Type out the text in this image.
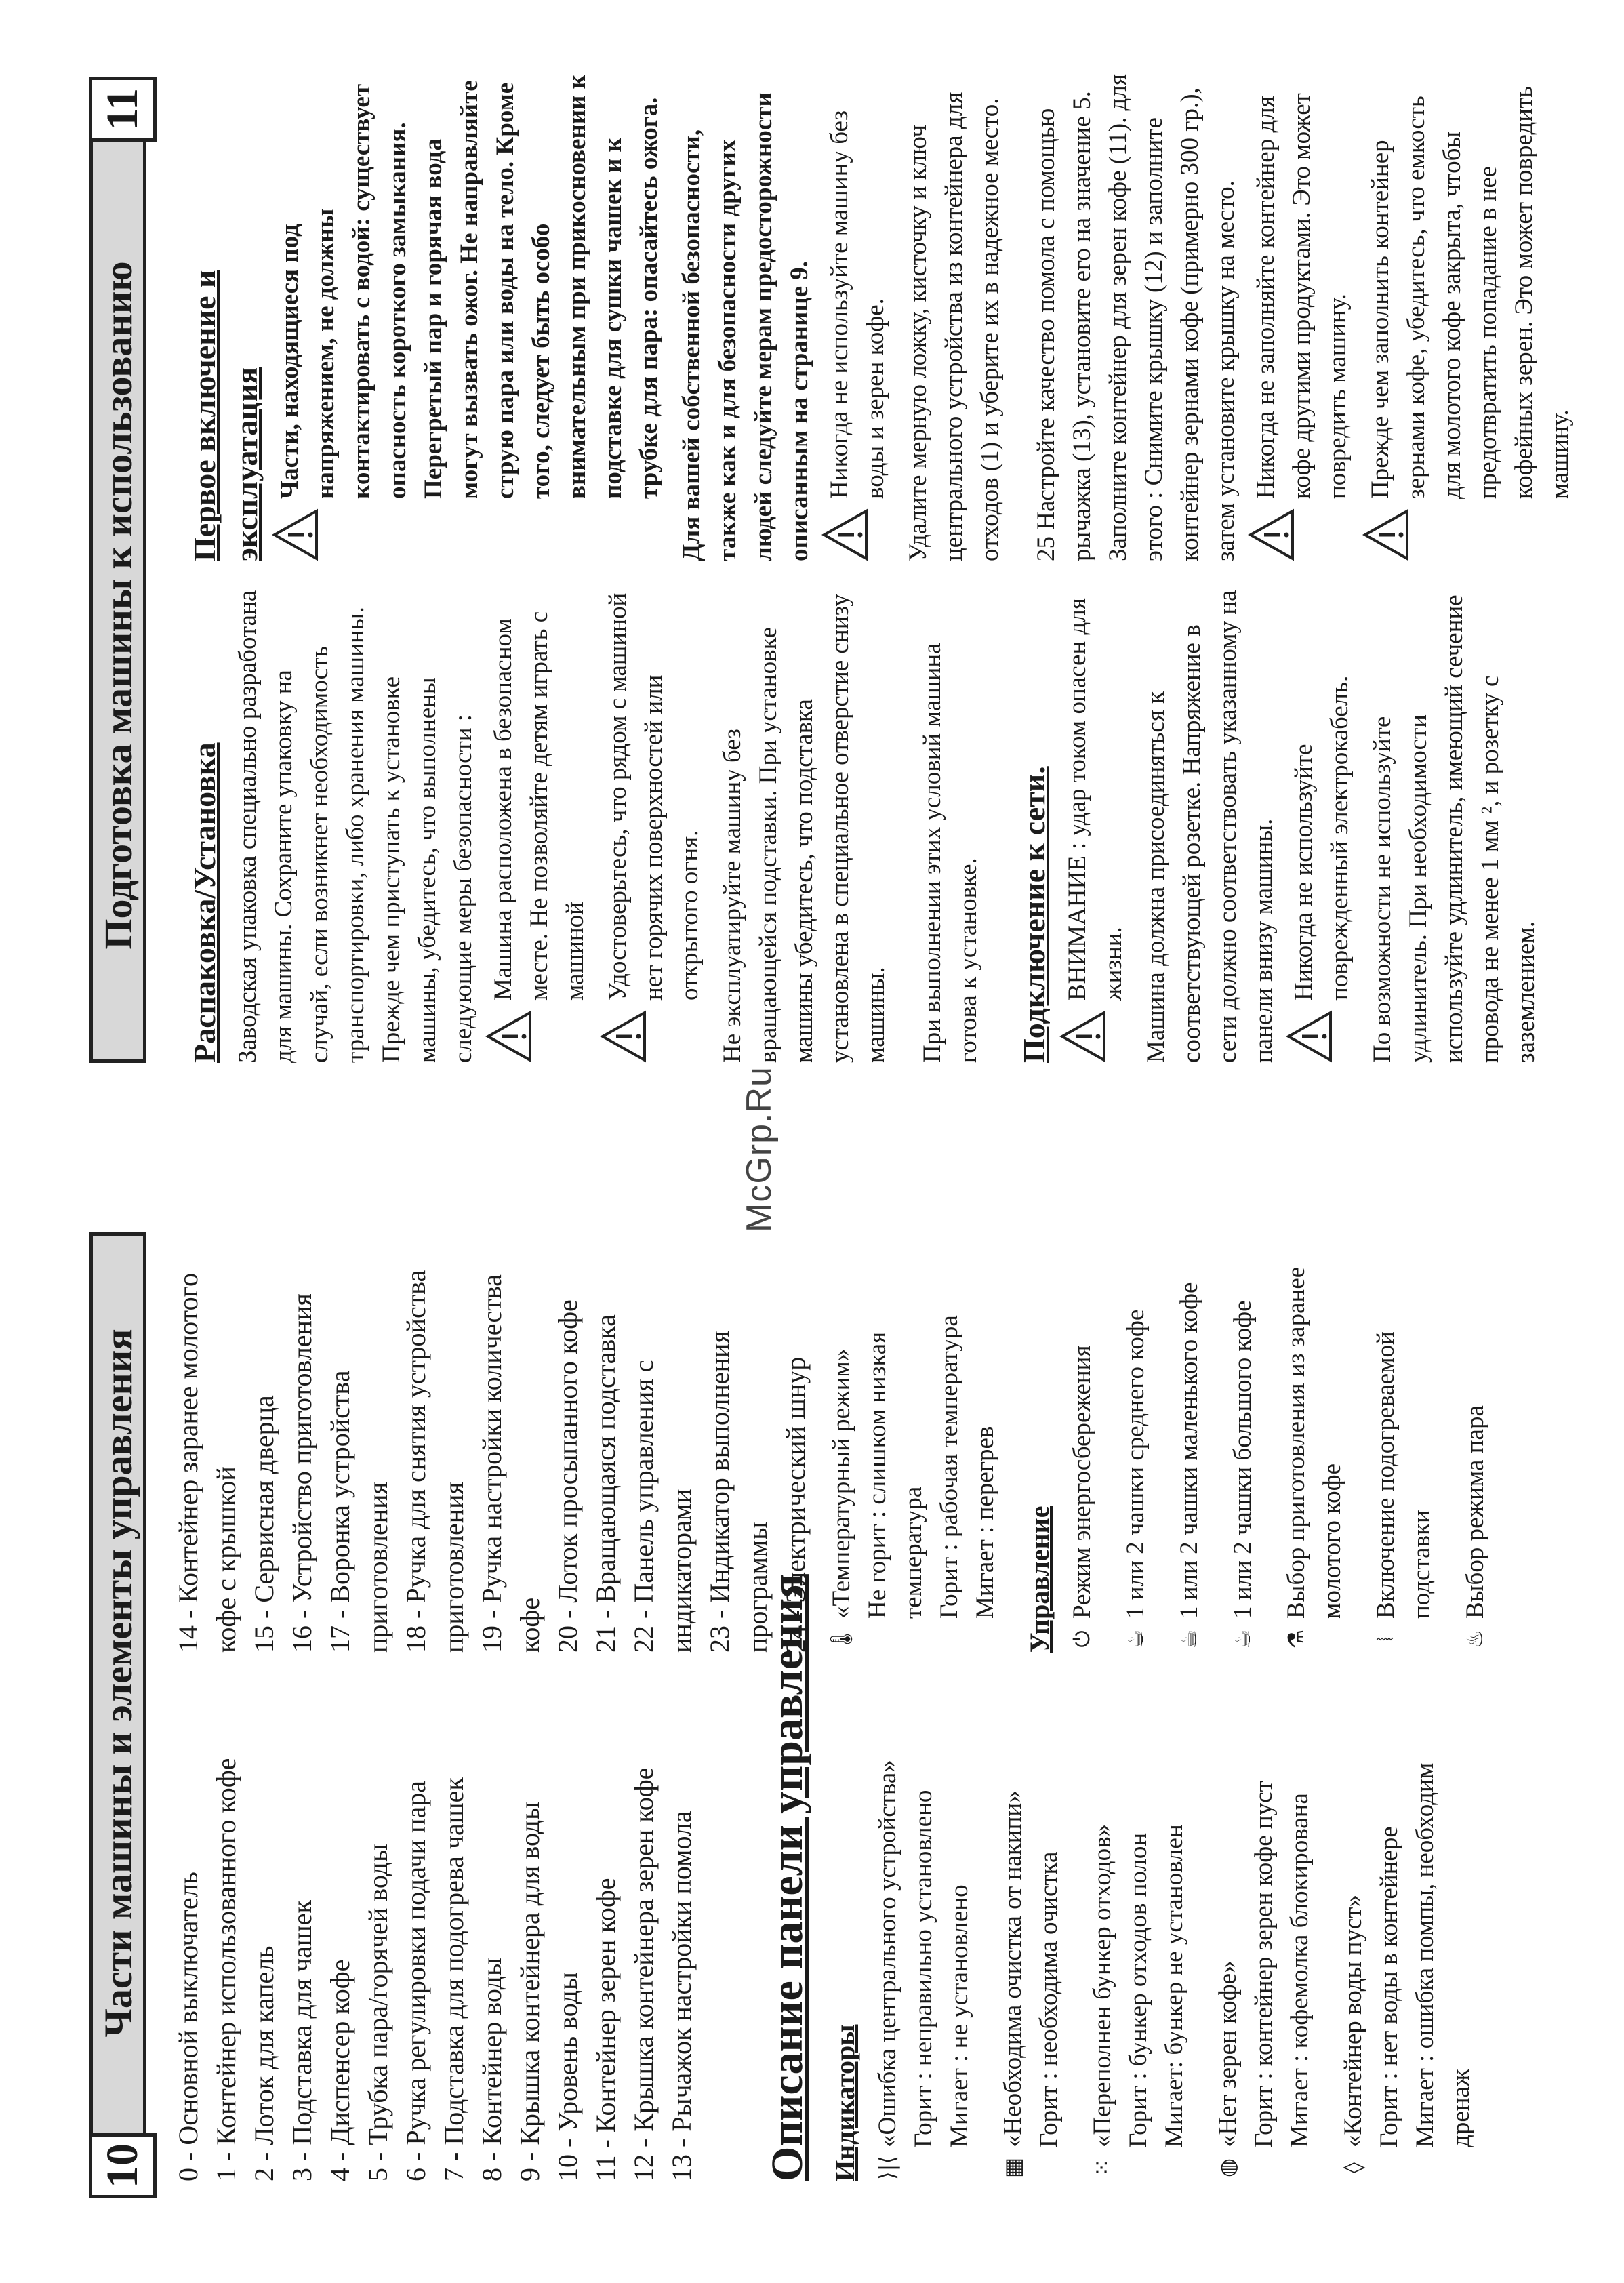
10
Части машины и элементы управления 0 - Основной выключатель 1 - Контейнер использованного кофе 2 - Лоток для капель 3 - Подставка для чашек 4 - Диспенсер кофе 5 - Трубка пара/горячей воды 6 - Ручка регулировки подачи пара 7 - Подставка для подогрева чашек 8 - Контейнер воды 9 - Крышка контейнера для воды 10 - Уровень воды 11 - Контейнер зерен кофе 12 - Крышка контейнера зерен кофе 13 - Рычажок настройки помола
14 - Контейнер заранее молотого кофе с крышкой 15 - Сервисная дверца 16 - Устройство приготовления 17 - Воронка устройства приготовления 18 - Ручка для снятия устройства приготовления 19 - Ручка настройки количества кофе 20 - Лоток просыпанного кофе 21 - Вращающаяся подставка 22 - Панель управления с индикаторами 23 - Индикатор выполнения программы 24 - Электрический шнур
Описание панели управления Индикаторы ⟩|⟨

«Ошибка центрального устройства» Горит : неправильно установлено Мигает : не установлено

▦

«Необходима очистка от накипи» Горит : необходима очистка

⁙

«Переполнен бункер отходов» Горит : бункер отходов полон Мигает: бункер не установлен

◍

«Нет зерен кофе» Горит : контейнер зерен кофе пуст Мигает : кофемолка блокирована

◊

«Контейнер воды пуст» Горит : нет воды в контейнере Мигает : ошибка помпы, необходим дренаж

🌡

«Температурный режим» Не горит : слишком низкая температура Горит : рабочая температура Мигает : перегрев Управление ⏻
Режим энергосбережения
☕
1 или 2 чашки среднего кофе
☕
1 или 2 чашки маленького кофе
☕
1 или 2 чашки большого кофе
⚗
Выбор приготовления из заранее молотого кофе
⦚
Включение подогреваемой подставки
♨
Выбор режима пара
McGrp.Ru
Подготовка машины к использованию
11
Распаковка/Установка Заводская упаковка специально разработана для машины. Сохраните упаковку на случай, если возникнет необходимость транспортировки, либо хранения машины. Прежде чем приступать к установке машины, убедитесь, что выполнены следующие меры безопасности : Машина расположена в безопасном месте. Не позволяйте детям играть с машиной Удостоверьтесь, что рядом с машиной нет горячих поверхностей или открытого огня. Не эксплуатируйте машину без вращающейся подставки. При установке машины убедитесь, что подставка установлена в специальное отверстие снизу машины. При выполнении этих условий машина готова к установке. Подключение к сети. ВНИМАНИЕ : удар током опасен для жизни. Машина должна присоединяться к соответствующей розетке. Напряжение в сети должно соответствовать указанному на панели внизу машины. Никогда не используйте поврежденный электрокабель. По возможности не используйте удлинитель. При необходимости используйте удлинитель, имеющий сечение провода не менее 1 мм ², и розетку с заземлением.

Первое включение и эксплуатация Части, находящиеся под напряжением, не должны контактировать с водой: существует опасность короткого замыкания. Перегретый пар и горячая вода могут вызвать ожог. Не направляйте струю пара или воды на тело. Кроме того, следует быть особо внимательным при прикосновении к подставке для сушки чашек и к трубке для пара: опасайтесь ожога. Для вашей собственной безопасности, также как и для безопасности других людей следуйте мерам предосторожности описанным на странице 9. Никогда не используйте машину без воды и зерен кофе. Удалите мерную ложку, кисточку и ключ центрального устройства из контейнера для отходов (1) и уберите их в надежное место. 25 Настройте качество помола с помощью рычажка (13), установите его на значение 5. Заполните контейнер для зерен кофе (11). для этого : Снимите крышку (12) и заполните контейнер зернами кофе (примерно 300 гр.), затем установите крышку на место. Никогда не заполняйте контейнер для кофе другими продуктами. Это может повредить машину. Прежде чем заполнить контейнер зернами кофе, убедитесь, что емкость для молотого кофе закрыта, чтобы предотвратить попадание в нее кофейных зерен. Это может повредить машину.
